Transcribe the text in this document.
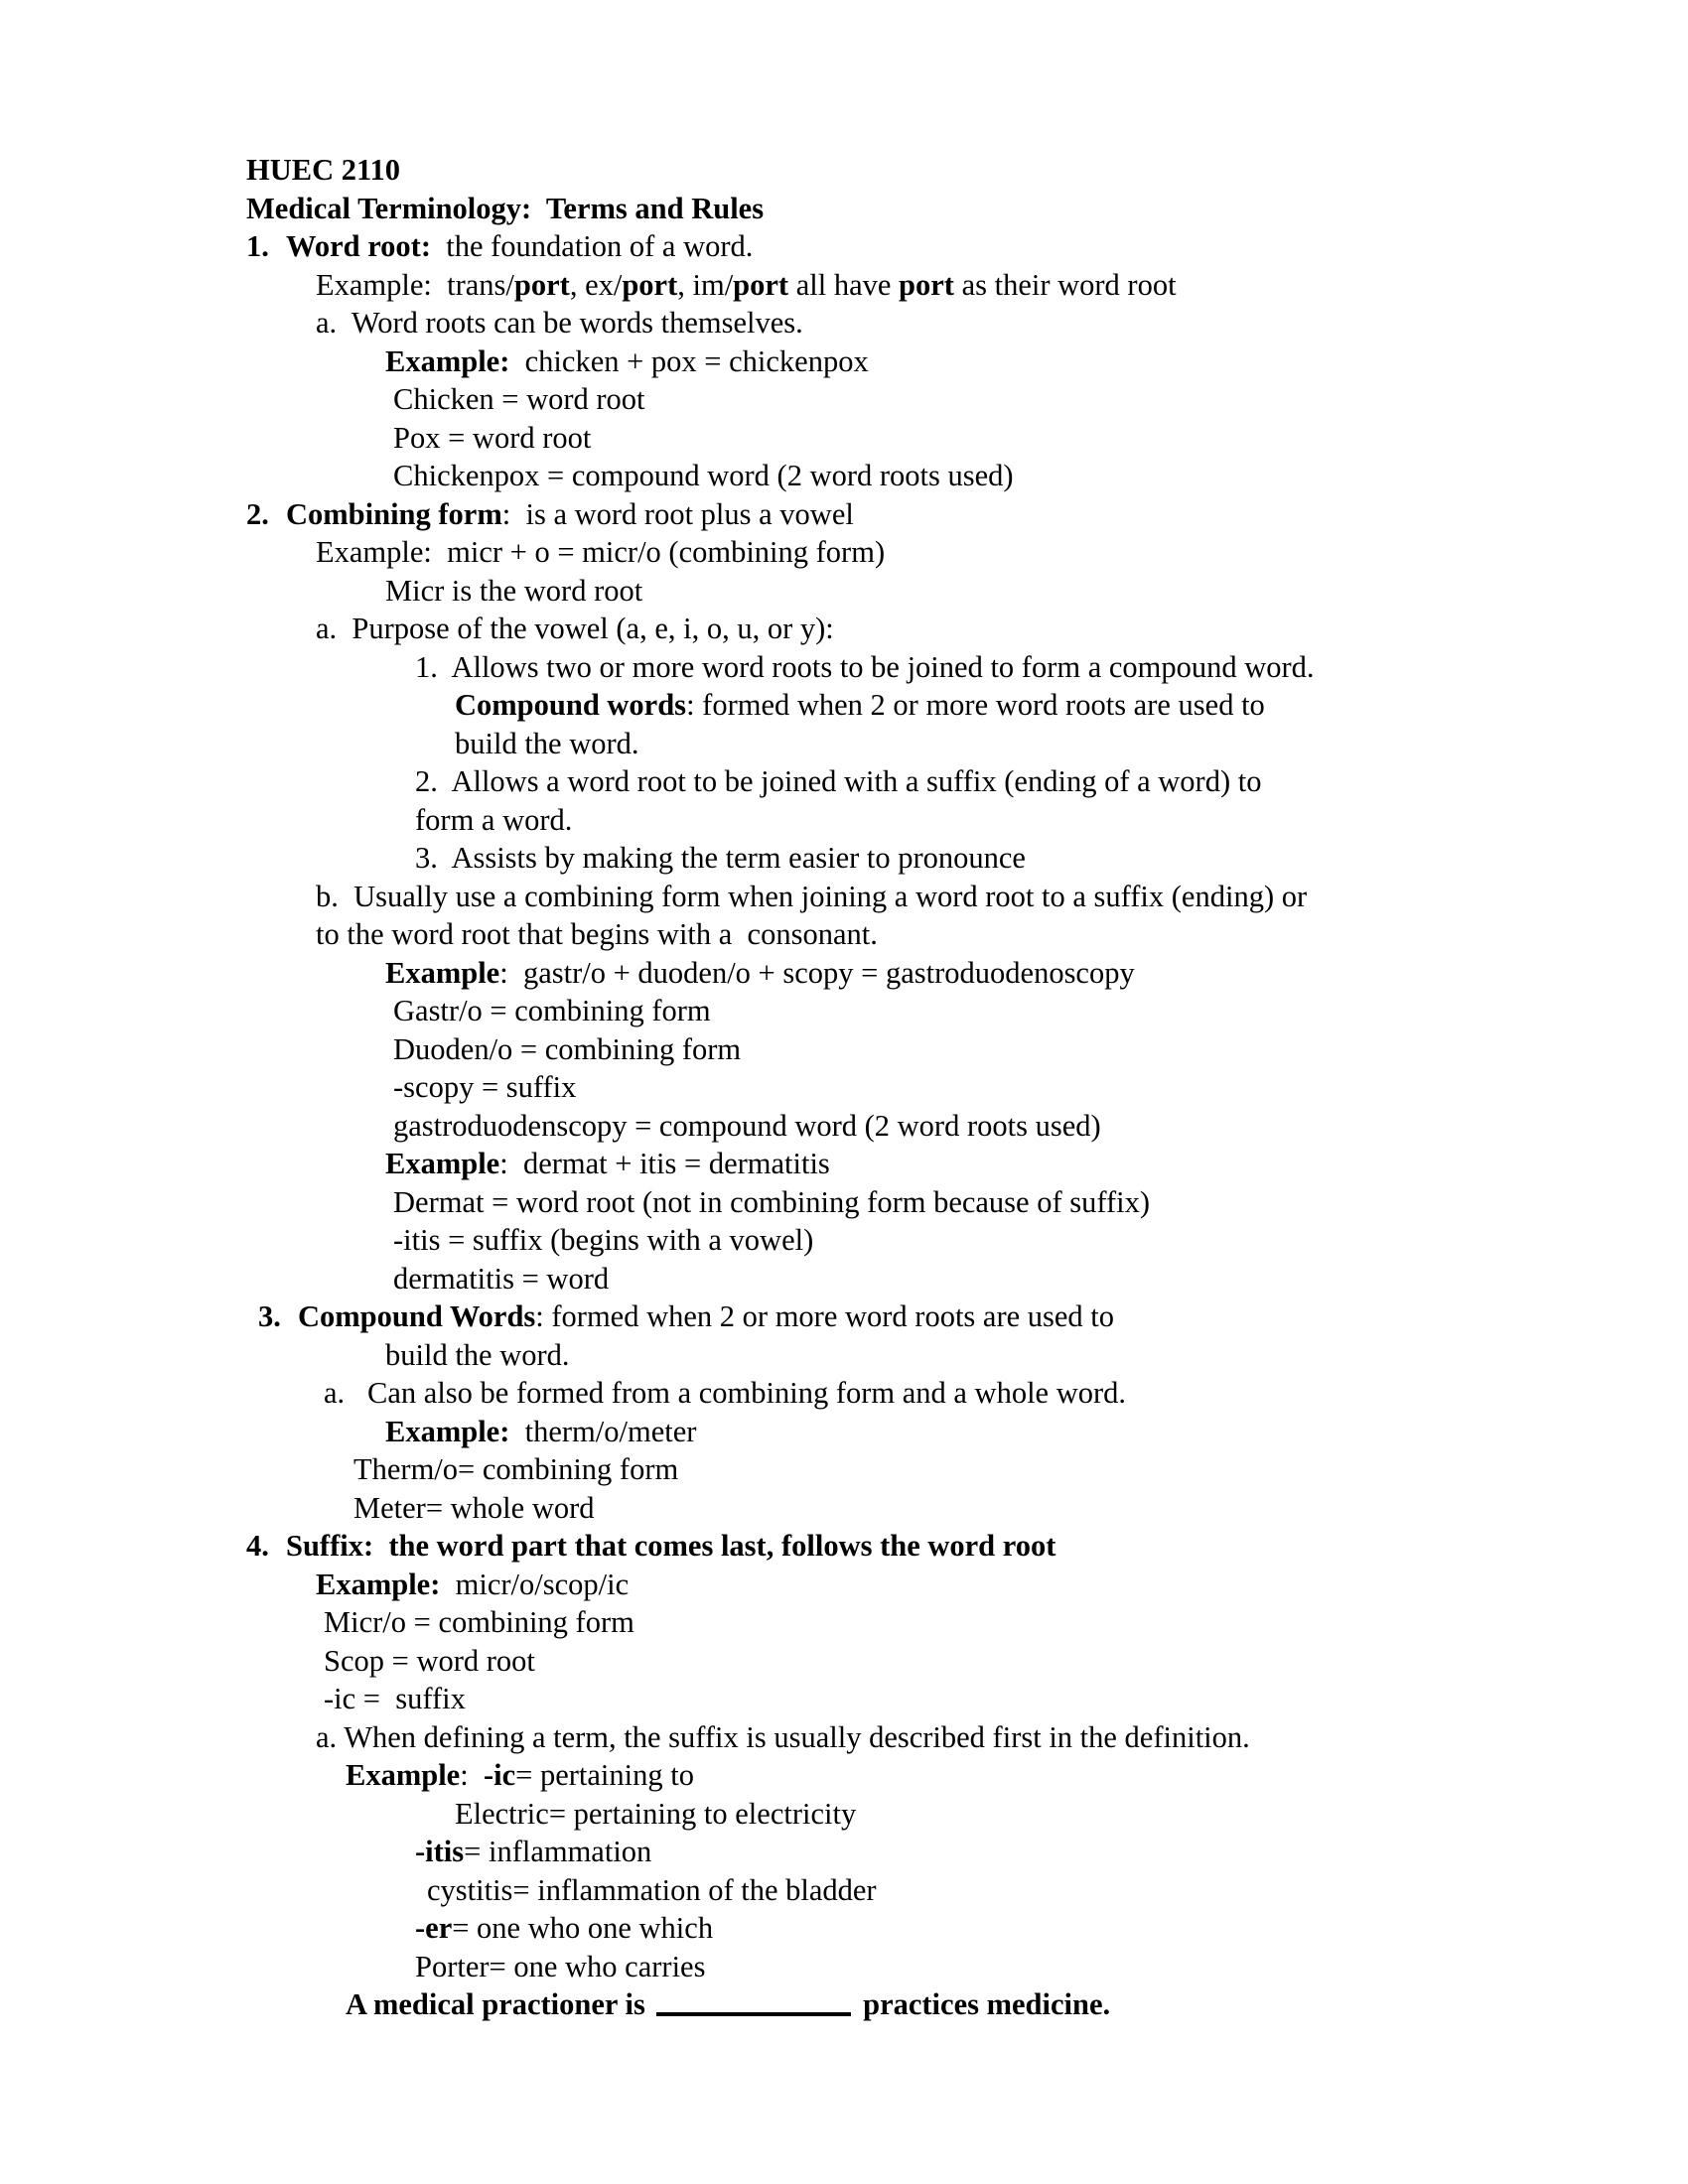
HUEC 2110
Medical Terminology:  Terms and Rules
1. Word root:  the foundation of a word.
Example:  trans/port, ex/port, im/port all have port as their word root
a.  Word roots can be words themselves.
Example:  chicken + pox = chickenpox
Chicken = word root
Pox = word root
Chickenpox = compound word (2 word roots used)
2. Combining form:  is a word root plus a vowel
Example:  micr + o = micr/o (combining form)
Micr is the word root
a.  Purpose of the vowel (a, e, i, o, u, or y):
1.  Allows two or more word roots to be joined to form a compound word.
Compound words: formed when 2 or more word roots are used to
build the word.
2.  Allows a word root to be joined with a suffix (ending of a word) to
form a word.
3.  Assists by making the term easier to pronounce
b.  Usually use a combining form when joining a word root to a suffix (ending) or
to the word root that begins with a  consonant.
Example:  gastr/o + duoden/o + scopy = gastroduodenoscopy
Gastr/o = combining form
Duoden/o = combining form
-scopy = suffix
gastroduodenscopy = compound word (2 word roots used)
Example:  dermat + itis = dermatitis
Dermat = word root (not in combining form because of suffix)
-itis = suffix (begins with a vowel)
dermatitis = word
3. Compound Words: formed when 2 or more word roots are used to
build the word.
a.   Can also be formed from a combining form and a whole word.
Example:  therm/o/meter
Therm/o= combining form
Meter= whole word
4. Suffix:  the word part that comes last, follows the word root
Example:  micr/o/scop/ic
Micr/o = combining form
Scop = word root
-ic =  suffix
a. When defining a term, the suffix is usually described first in the definition.
Example:  -ic= pertaining to
Electric= pertaining to electricity
-itis= inflammation
cystitis= inflammation of the bladder
-er= one who one which
Porter= one who carries
A medical practioner is	practices medicine.
